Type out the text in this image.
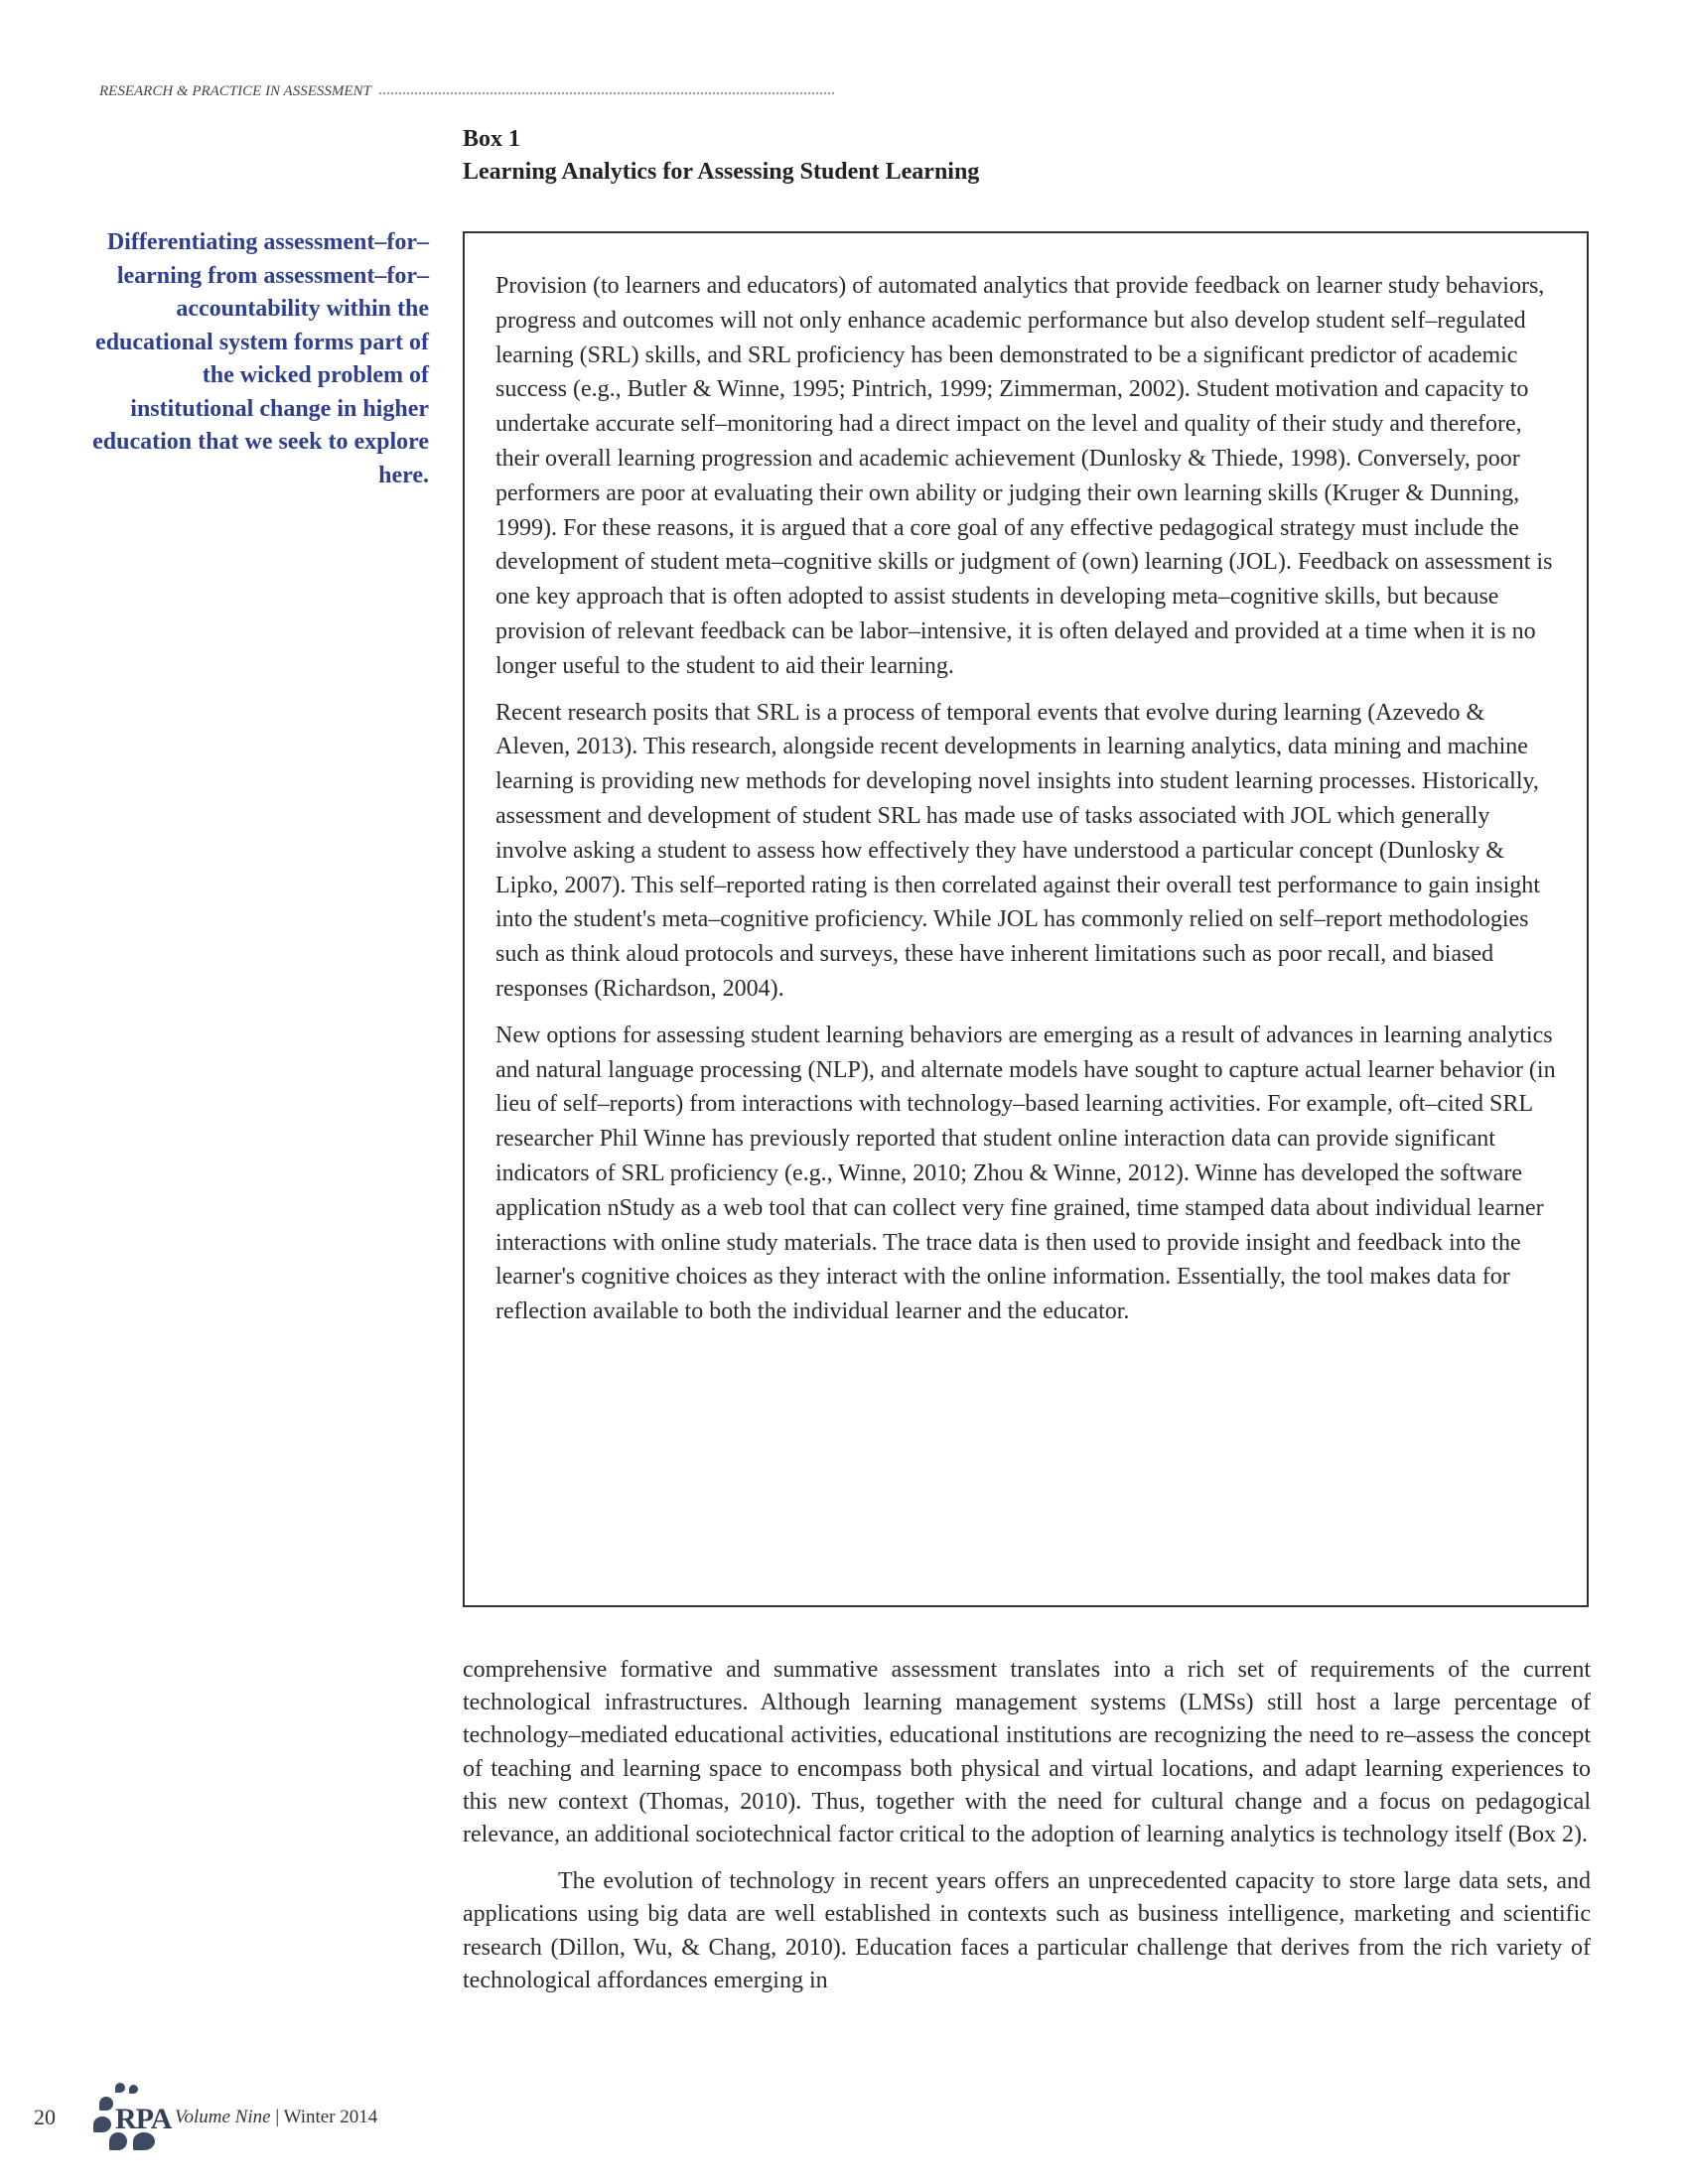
RESEARCH & PRACTICE IN ASSESSMENT
Box 1
Learning Analytics for Assessing Student Learning
Differentiating assessment–for–learning from assessment–for–accountability within the educational system forms part of the wicked problem of institutional change in higher education that we seek to explore here.

Provision (to learners and educators) of automated analytics that provide feedback on learner study behaviors, progress and outcomes will not only enhance academic performance but also develop student self–regulated learning (SRL) skills, and SRL proficiency has been demonstrated to be a significant predictor of academic success (e.g., Butler & Winne, 1995; Pintrich, 1999; Zimmerman, 2002). Student motivation and capacity to undertake accurate self–monitoring had a direct impact on the level and quality of their study and therefore, their overall learning progression and academic achievement (Dunlosky & Thiede, 1998). Conversely, poor performers are poor at evaluating their own ability or judging their own learning skills (Kruger & Dunning, 1999). For these reasons, it is argued that a core goal of any effective pedagogical strategy must include the development of student meta–cognitive skills or judgment of (own) learning (JOL). Feedback on assessment is one key approach that is often adopted to assist students in developing meta–cognitive skills, but because provision of relevant feedback can be labor–intensive, it is often delayed and provided at a time when it is no longer useful to the student to aid their learning.

Recent research posits that SRL is a process of temporal events that evolve during learning (Azevedo & Aleven, 2013). This research, alongside recent developments in learning analytics, data mining and machine learning is providing new methods for developing novel insights into student learning processes. Historically, assessment and development of student SRL has made use of tasks associated with JOL which generally involve asking a student to assess how effectively they have understood a particular concept (Dunlosky & Lipko, 2007). This self–reported rating is then correlated against their overall test performance to gain insight into the student's meta–cognitive proficiency. While JOL has commonly relied on self–report methodologies such as think aloud protocols and surveys, these have inherent limitations such as poor recall, and biased responses (Richardson, 2004).

New options for assessing student learning behaviors are emerging as a result of advances in learning analytics and natural language processing (NLP), and alternate models have sought to capture actual learner behavior (in lieu of self–reports) from interactions with technology–based learning activities. For example, oft–cited SRL researcher Phil Winne has previously reported that student online interaction data can provide significant indicators of SRL proficiency (e.g., Winne, 2010; Zhou & Winne, 2012). Winne has developed the software application nStudy as a web tool that can collect very fine grained, time stamped data about individual learner interactions with online study materials. The trace data is then used to provide insight and feedback into the learner's cognitive choices as they interact with the online information. Essentially, the tool makes data for reflection available to both the individual learner and the educator.

comprehensive formative and summative assessment translates into a rich set of requirements of the current technological infrastructures. Although learning management systems (LMSs) still host a large percentage of technology–mediated educational activities, educational institutions are recognizing the need to re–assess the concept of teaching and learning space to encompass both physical and virtual locations, and adapt learning experiences to this new context (Thomas, 2010). Thus, together with the need for cultural change and a focus on pedagogical relevance, an additional sociotechnical factor critical to the adoption of learning analytics is technology itself (Box 2).

The evolution of technology in recent years offers an unprecedented capacity to store large data sets, and applications using big data are well established in contexts such as business intelligence, marketing and scientific research (Dillon, Wu, & Chang, 2010). Education faces a particular challenge that derives from the rich variety of technological affordances emerging in

20	RPA Volume Nine | Winter 2014
